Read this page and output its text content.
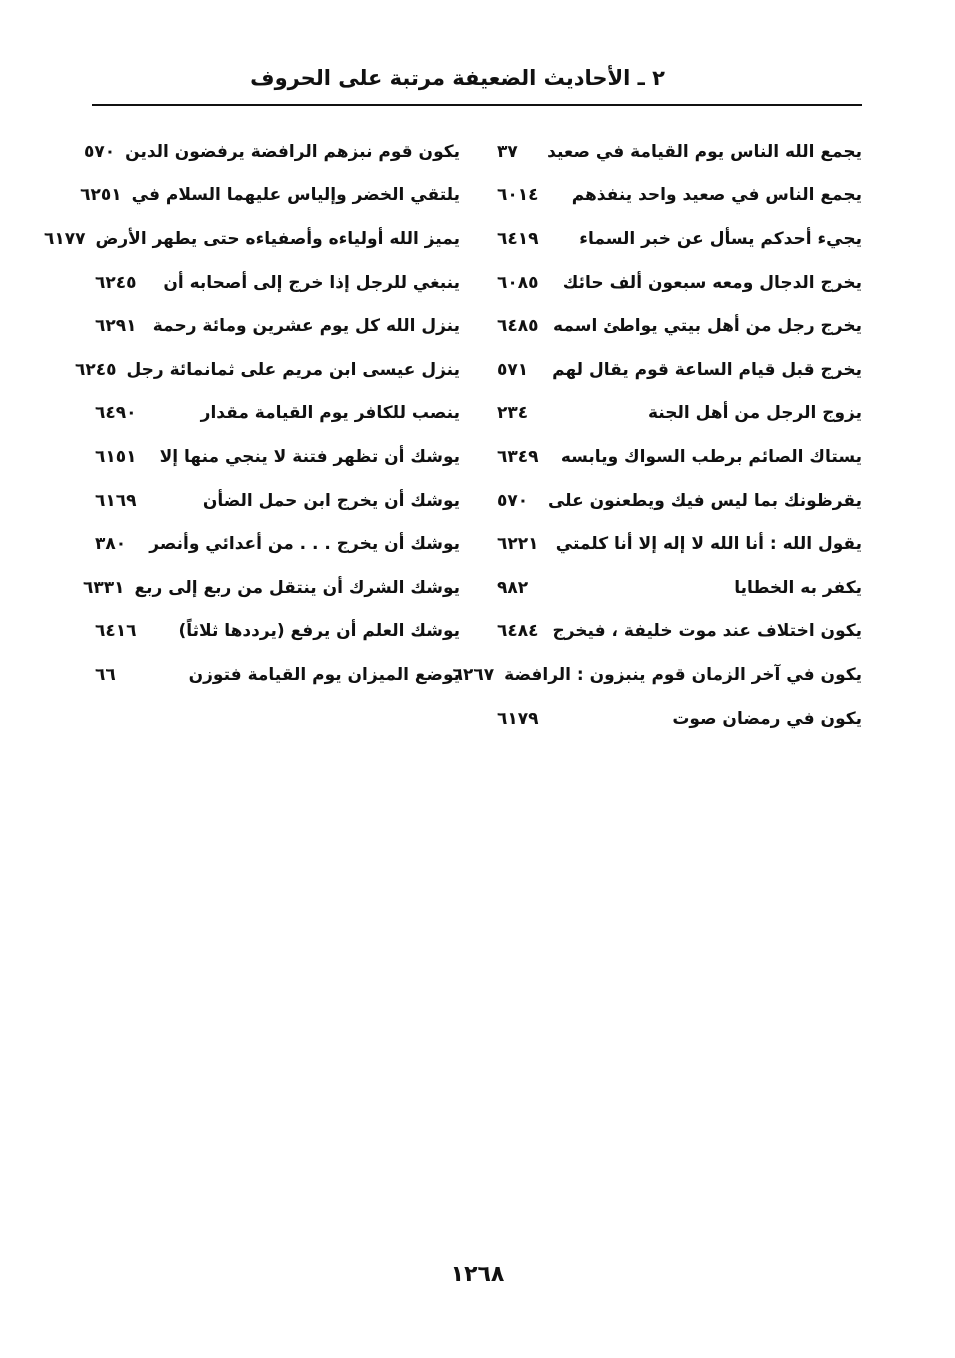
٢ ـ الأحاديث الضعيفة مرتبة على الحروف
يجمع الله الناس يوم القيامة في صعيد
٣٧
يجمع الناس في صعيد واحد ينفذهم
٦٠١٤
يجيء أحدكم يسأل عن خبر السماء
٦٤١٩
يخرج الدجال ومعه سبعون ألف حائك
٦٠٨٥
يخرج رجل من أهل بيتي يواطئ اسمه
٦٤٨٥
يخرج قبل قيام الساعة قوم يقال لهم
٥٧١
يزوج الرجل من أهل الجنة
٢٣٤
يستاك الصائم برطب السواك ويابسه
٦٣٤٩
يقرظونك بما ليس فيك ويطعنون على
٥٧٠
يقول الله : أنا الله لا إله إلا أنا كلمتي
٦٢٢١
يكفر به الخطايا
٩٨٢
يكون اختلاف عند موت خليفة ، فيخرج
٦٤٨٤
يكون في آخر الزمان قوم ينبزون : الرافضة
٦٢٦٧
يكون في رمضان صوت
٦١٧٩
يكون قوم نبزهم الرافضة يرفضون الدين
٥٧٠
يلتقي الخضر وإلياس عليهما السلام في
٦٢٥١
يميز الله أولياءه وأصفياءه حتى يطهر الأرض
٦١٧٧
ينبغي للرجل إذا خرج إلى أصحابه أن
٦٢٤٥
ينزل الله كل يوم عشرين ومائة رحمة
٦٢٩١
ينزل عيسى ابن مريم على ثمانمائة رجل
٦٢٤٥
ينصب للكافر يوم القيامة مقدار
٦٤٩٠
يوشك أن تظهر فتنة لا ينجي منها إلا
٦١٥١
يوشك أن يخرج ابن حمل الضأن
٦١٦٩
يوشك أن يخرج . . . من أعدائي وأنصر
٣٨٠
يوشك الشرك أن ينتقل من ربع إلى ربع
٦٣٣١
يوشك العلم أن يرفع (يرددها ثلاثاً)
٦٤١٦
يوضع الميزان يوم القيامة فتوزن
٦٦
١٢٦٨
